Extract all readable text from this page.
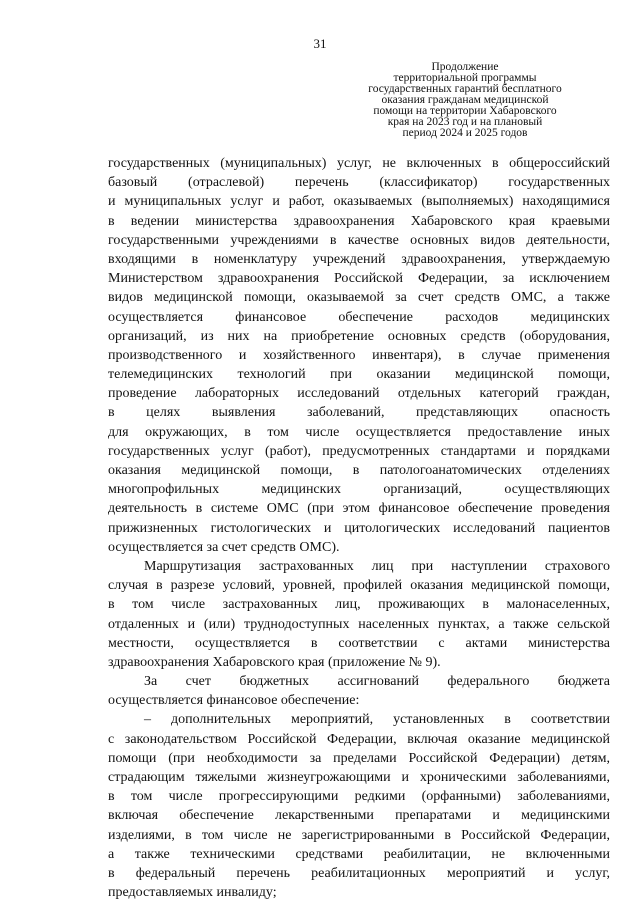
31
Продолжение
территориальной программы
государственных гарантий бесплатного
оказания гражданам медицинской
помощи на территории Хабаровского
края на 2023 год и на плановый
период 2024 и 2025 годов
государственных (муниципальных) услуг, не включенных в общероссийский
базовый (отраслевой) перечень (классификатор) государственных
и муниципальных услуг и работ, оказываемых (выполняемых) находящимися
в ведении министерства здравоохранения Хабаровского края краевыми
государственными учреждениями в качестве основных видов деятельности,
входящими в номенклатуру учреждений здравоохранения, утверждаемую
Министерством здравоохранения Российской Федерации, за исключением
видов медицинской помощи, оказываемой за счет средств ОМС, а также
осуществляется финансовое обеспечение расходов медицинских
организаций, из них на приобретение основных средств (оборудования,
производственного и хозяйственного инвентаря), в случае применения
телемедицинских технологий при оказании медицинской помощи,
проведение лабораторных исследований отдельных категорий граждан,
в целях выявления заболеваний, представляющих опасность
для окружающих, в том числе осуществляется предоставление иных
государственных услуг (работ), предусмотренных стандартами и порядками
оказания медицинской помощи, в патологоанатомических отделениях
многопрофильных медицинских организаций, осуществляющих
деятельность в системе ОМС (при этом финансовое обеспечение проведения
прижизненных гистологических и цитологических исследований пациентов
осуществляется за счет средств ОМС).
Маршрутизация застрахованных лиц при наступлении страхового
случая в разрезе условий, уровней, профилей оказания медицинской помощи,
в том числе застрахованных лиц, проживающих в малонаселенных,
отдаленных и (или) труднодоступных населенных пунктах, а также сельской
местности, осуществляется в соответствии с актами министерства
здравоохранения Хабаровского края (приложение № 9).
За счет бюджетных ассигнований федерального бюджета
осуществляется финансовое обеспечение:
– дополнительных мероприятий, установленных в соответствии
с законодательством Российской Федерации, включая оказание медицинской
помощи (при необходимости за пределами Российской Федерации) детям,
страдающим тяжелыми жизнеугрожающими и хроническими заболеваниями,
в том числе прогрессирующими редкими (орфанными) заболеваниями,
включая обеспечение лекарственными препаратами и медицинскими
изделиями, в том числе не зарегистрированными в Российской Федерации,
а также техническими средствами реабилитации, не включенными
в федеральный перечень реабилитационных мероприятий и услуг,
предоставляемых инвалиду;
